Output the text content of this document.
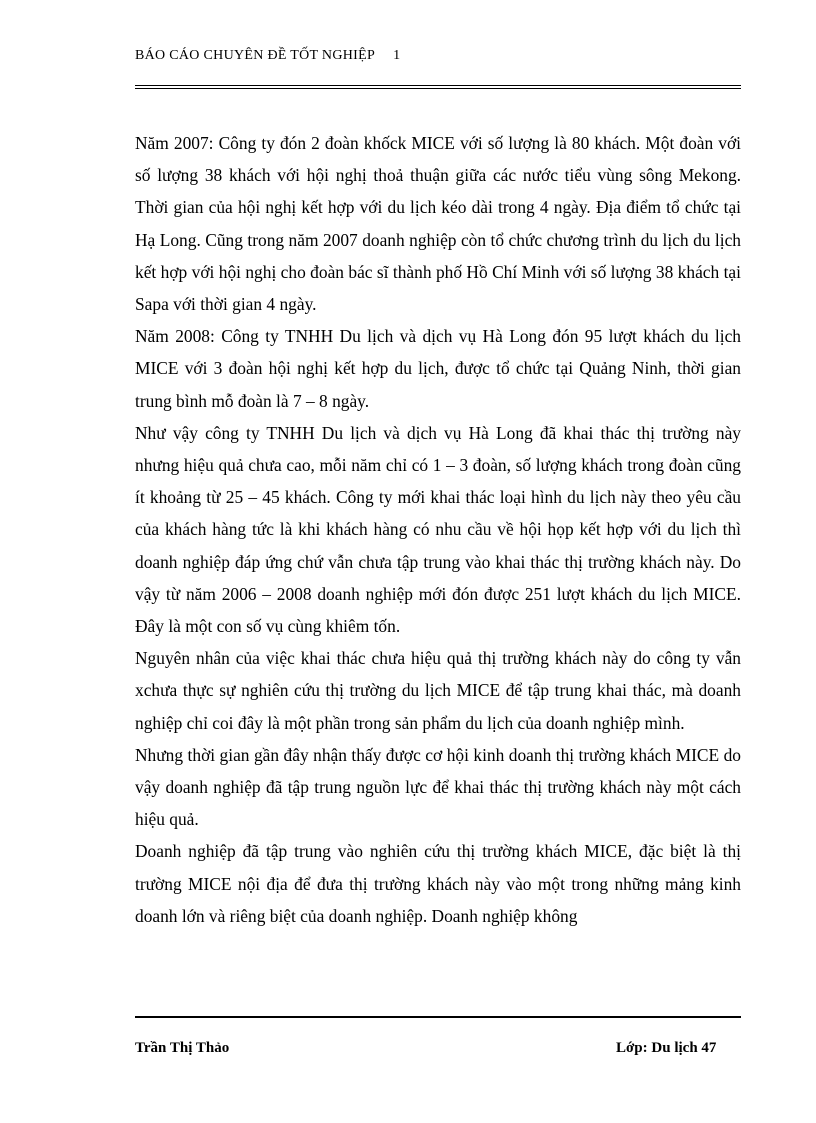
BÁO CÁO CHUYÊN ĐỀ TỐT NGHIỆP 1

Năm 2007: Công ty đón 2 đoàn khốck MICE với số lượng là 80 khách. Một đoàn với số lượng 38 khách với hội nghị thoả thuận giữa các nước tiểu vùng sông Mekong. Thời gian của hội nghị kết hợp với du lịch kéo dài trong 4 ngày. Địa điểm tổ chức tại Hạ Long. Cũng trong năm 2007 doanh nghiệp còn tổ chức chương trình du lịch du lịch kết hợp với hội nghị cho đoàn bác sĩ thành phố Hồ Chí Minh với số lượng 38 khách tại Sapa với thời gian 4 ngày.

Năm 2008: Công ty TNHH Du lịch và dịch vụ Hà Long đón 95 lượt khách du lịch MICE với 3 đoàn hội nghị kết hợp du lịch, được tổ chức tại Quảng Ninh, thời gian trung bình mỗ đoàn là 7 – 8 ngày.

Như vậy công ty TNHH Du lịch và dịch vụ Hà Long đã khai thác thị trường này nhưng hiệu quả chưa cao, mỗi năm chỉ có 1 – 3 đoàn, số lượng khách trong đoàn cũng ít khoảng từ 25 – 45 khách. Công ty mới khai thác loại hình du lịch này theo yêu cầu của khách hàng tức là khi khách hàng có nhu cầu về hội họp kết hợp với du lịch thì doanh nghiệp đáp ứng chứ vẫn chưa tập trung vào khai thác thị trường khách này. Do vậy từ năm 2006 – 2008 doanh nghiệp mới đón được 251 lượt khách du lịch MICE. Đây là một con số vụ cùng khiêm tốn.

Nguyên nhân của việc khai thác chưa hiệu quả thị trường khách này do công ty vẫn xchưa thực sự nghiên cứu thị trường du lịch MICE để tập trung khai thác, mà doanh nghiệp chỉ coi đây là một phần trong sản phẩm du lịch của doanh nghiệp mình.

Nhưng thời gian gần đây nhận thấy được cơ hội kinh doanh thị trường khách MICE do vậy doanh nghiệp đã tập trung nguồn lực để khai thác thị trường khách này một cách hiệu quả.

Doanh nghiệp đã tập trung vào nghiên cứu thị trường khách MICE, đặc biệt là thị trường MICE nội địa để đưa thị trường khách này vào một trong những mảng kinh doanh lớn và riêng biệt của doanh nghiệp. Doanh nghiệp không

Trần Thị Thảo	Lớp: Du lịch 47
